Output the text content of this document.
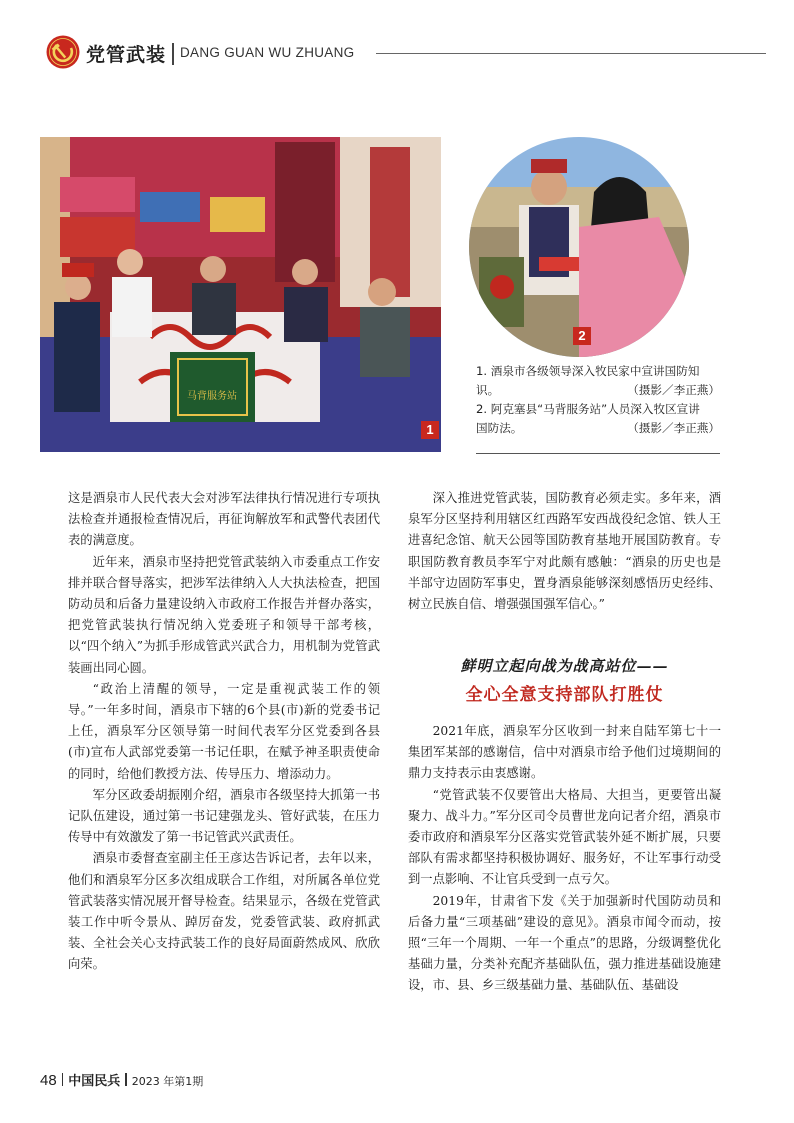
党管武装 DANG GUAN WU ZHUANG
马背服务站
1
2
1. 酒泉市各级领导深入牧民家中宣讲国防知
识。	（摄影／李正燕）
2. 阿克塞县“马背服务站”人员深入牧区宣讲
国防法。	（摄影／李正燕）

这是酒泉市人民代表大会对涉军法律执行情况进行专项执法检查并通报检查情况后，再征询解放军和武警代表团代表的满意度。

近年来，酒泉市坚持把党管武装纳入市委重点工作安排并联合督导落实，把涉军法律纳入人大执法检查，把国防动员和后备力量建设纳入市政府工作报告并督办落实，把党管武装执行情况纳入党委班子和领导干部考核，以“四个纳入”为抓手形成管武兴武合力，用机制为党管武装画出同心圆。

“政治上清醒的领导，一定是重视武装工作的领导。”一年多时间，酒泉市下辖的6个县(市)新的党委书记上任，酒泉军分区领导第一时间代表军分区党委到各县(市)宣布人武部党委第一书记任职，在赋予神圣职责使命的同时，给他们教授方法、传导压力、增添动力。

军分区政委胡振刚介绍，酒泉市各级坚持大抓第一书记队伍建设，通过第一书记建强龙头、管好武装，在压力传导中有效激发了第一书记管武兴武责任。

酒泉市委督查室副主任王彦达告诉记者，去年以来，他们和酒泉军分区多次组成联合工作组，对所属各单位党管武装落实情况展开督导检查。结果显示，各级在党管武装工作中听令景从、踔厉奋发，党委管武装、政府抓武装、全社会关心支持武装工作的良好局面蔚然成风、欣欣向荣。

深入推进党管武装，国防教育必须走实。多年来，酒泉军分区坚持利用辖区红西路军安西战役纪念馆、铁人王进喜纪念馆、航天公园等国防教育基地开展国防教育。专职国防教育教员李军宁对此颇有感触：“酒泉的历史也是半部守边固防军事史，置身酒泉能够深刻感悟历史经纬、树立民族自信、增强强国强军信心。”

鲜明立起向战为战高站位——
全心全意支持部队打胜仗

2021年底，酒泉军分区收到一封来自陆军第七十一集团军某部的感谢信，信中对酒泉市给予他们过境期间的鼎力支持表示由衷感谢。

“党管武装不仅要管出大格局、大担当，更要管出凝聚力、战斗力。”军分区司令员曹世龙向记者介绍，酒泉市委市政府和酒泉军分区落实党管武装外延不断扩展，只要部队有需求都坚持积极协调好、服务好，不让军事行动受到一点影响、不让官兵受到一点亏欠。

2019年，甘肃省下发《关于加强新时代国防动员和后备力量“三项基础”建设的意见》。酒泉市闻令而动，按照“三年一个周期、一年一个重点”的思路，分级调整优化基础力量，分类补充配齐基础队伍，强力推进基础设施建设，市、县、乡三级基础力量、基础队伍、基础设

48 中国民兵 2023 年第1期
